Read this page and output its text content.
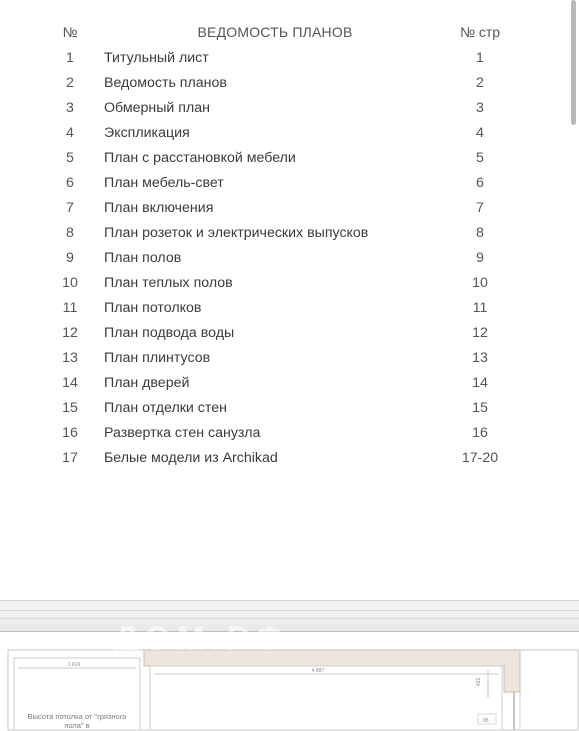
№	ВЕДОМОСТЬ ПЛАНОВ	№ стр
1	Титульный лист	1
2	Ведомость планов	2
3	Обмерный план	3
4	Экспликация	4
5	План с расстановкой мебели	5
6	План мебель-свет	6
7	План включения	7
8	План розеток и электрических выпусков	8
9	План полов	9
10	План теплых полов	10
11	План потолков	11
12	План подвода воды	12
13	План плинтусов	13
14	План дверей	14
15	План отделки стен	15
16	Развертка стен санузла	16
17	Белые модели из Archikad	17-20
1 616
4 897
422
95
ДОМ.РФ
Высота потолка от "грязного пола" в
